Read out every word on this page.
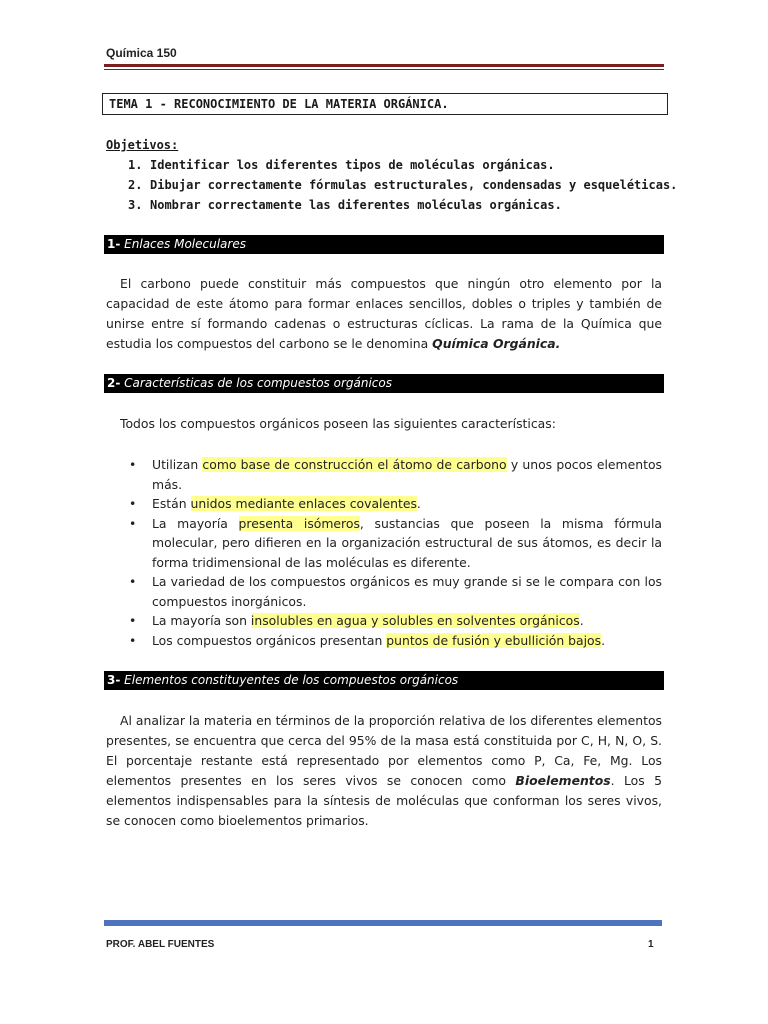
Química 150
TEMA 1 - RECONOCIMIENTO DE LA MATERIA ORGÁNICA.
Objetivos:
1. Identificar los diferentes tipos de moléculas orgánicas.
2. Dibujar correctamente fórmulas estructurales, condensadas y esqueléticas.
3. Nombrar correctamente las diferentes moléculas orgánicas.
1- Enlaces Moleculares
El carbono puede constituir más compuestos que ningún otro elemento por la capacidad de este átomo para formar enlaces sencillos, dobles o triples y también de unirse entre sí formando cadenas o estructuras cíclicas. La rama de la Química que estudia los compuestos del carbono se le denomina Química Orgánica.
2- Características de los compuestos orgánicos
Todos los compuestos orgánicos poseen las siguientes características:
• Utilizan como base de construcción el átomo de carbono y unos pocos elementos más.
• Están unidos mediante enlaces covalentes.
• La mayoría presenta isómeros, sustancias que poseen la misma fórmula molecular, pero difieren en la organización estructural de sus átomos, es decir la forma tridimensional de las moléculas es diferente.
• La variedad de los compuestos orgánicos es muy grande si se le compara con los compuestos inorgánicos.
• La mayoría son insolubles en agua y solubles en solventes orgánicos.
• Los compuestos orgánicos presentan puntos de fusión y ebullición bajos.
3- Elementos constituyentes de los compuestos orgánicos
Al analizar la materia en términos de la proporción relativa de los diferentes elementos presentes, se encuentra que cerca del 95% de la masa está constituida por C, H, N, O, S. El porcentaje restante está representado por elementos como P, Ca, Fe, Mg. Los elementos presentes en los seres vivos se conocen como Bioelementos. Los 5 elementos indispensables para la síntesis de moléculas que conforman los seres vivos, se conocen como bioelementos primarios.
PROF. ABEL FUENTES	1
